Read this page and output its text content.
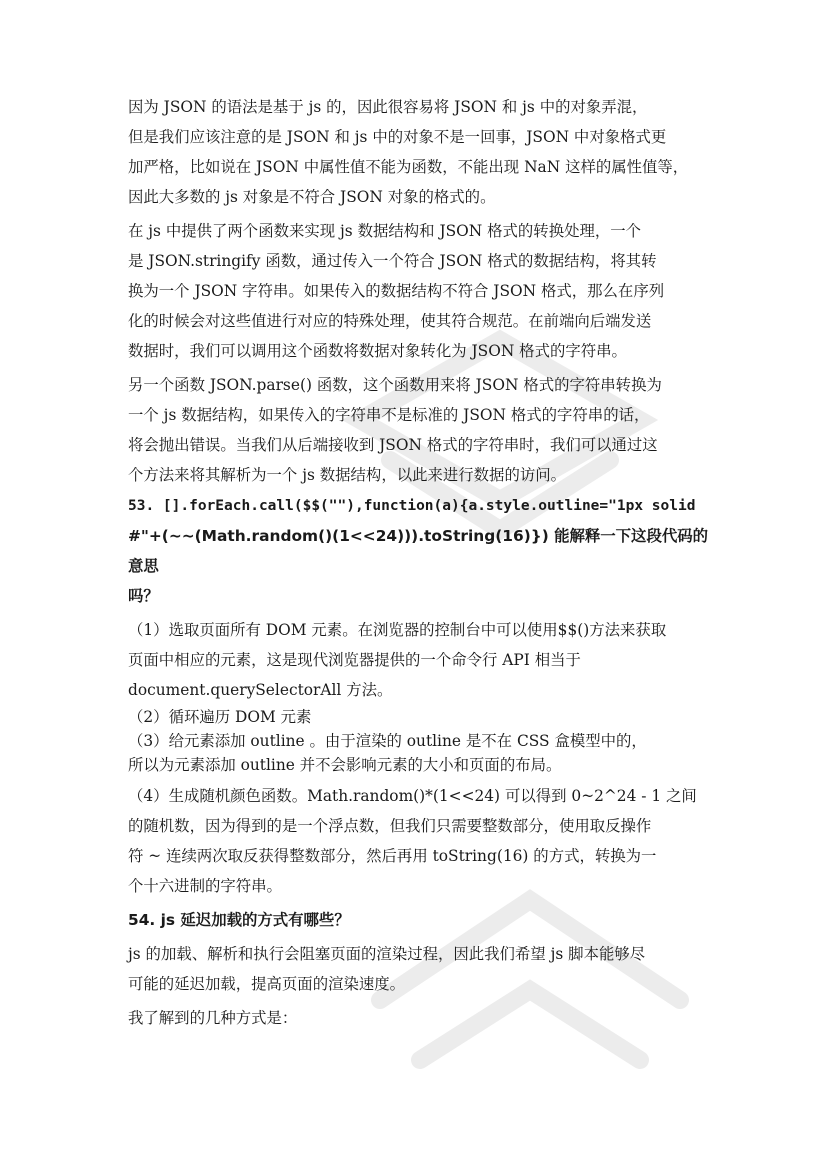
因为 JSON 的语法是基于 js 的，因此很容易将 JSON 和 js 中的对象弄混，
但是我们应该注意的是 JSON 和 js 中的对象不是一回事，JSON 中对象格式更
加严格，比如说在 JSON 中属性值不能为函数，不能出现 NaN 这样的属性值等，
因此大多数的 js 对象是不符合 JSON 对象的格式的。

在 js 中提供了两个函数来实现 js 数据结构和 JSON 格式的转换处理，一个
是 JSON.stringify 函数，通过传入一个符合 JSON 格式的数据结构，将其转
换为一个 JSON 字符串。如果传入的数据结构不符合 JSON 格式，那么在序列
化的时候会对这些值进行对应的特殊处理，使其符合规范。在前端向后端发送
数据时，我们可以调用这个函数将数据对象转化为 JSON 格式的字符串。

另一个函数 JSON.parse() 函数，这个函数用来将 JSON 格式的字符串转换为
一个 js 数据结构，如果传入的字符串不是标准的 JSON 格式的字符串的话，
将会抛出错误。当我们从后端接收到 JSON 格式的字符串时，我们可以通过这
个方法来将其解析为一个 js 数据结构，以此来进行数据的访问。

53. [].forEach.call($$(""),function(a){a.style.outline="1px solid
#"+(~~(Math.random()(1<<24))).toString(16)}) 能解释一下这段代码的意思
吗？

（1）选取页面所有 DOM 元素。在浏览器的控制台中可以使用$$()方法来获取
页面中相应的元素，这是现代浏览器提供的一个命令行 API 相当于
document.querySelectorAll 方法。

（2）循环遍历 DOM 元素

（3）给元素添加 outline 。由于渲染的 outline 是不在 CSS 盒模型中的，
所以为元素添加 outline 并不会影响元素的大小和页面的布局。

（4）生成随机颜色函数。Math.random()*(1<<24) 可以得到 0~2^24 - 1 之间
的随机数，因为得到的是一个浮点数，但我们只需要整数部分，使用取反操作
符 ~ 连续两次取反获得整数部分，然后再用 toString(16) 的方式，转换为一
个十六进制的字符串。

54. js 延迟加载的方式有哪些？

js 的加载、解析和执行会阻塞页面的渲染过程，因此我们希望 js 脚本能够尽
可能的延迟加载，提高页面的渲染速度。

我了解到的几种方式是：
